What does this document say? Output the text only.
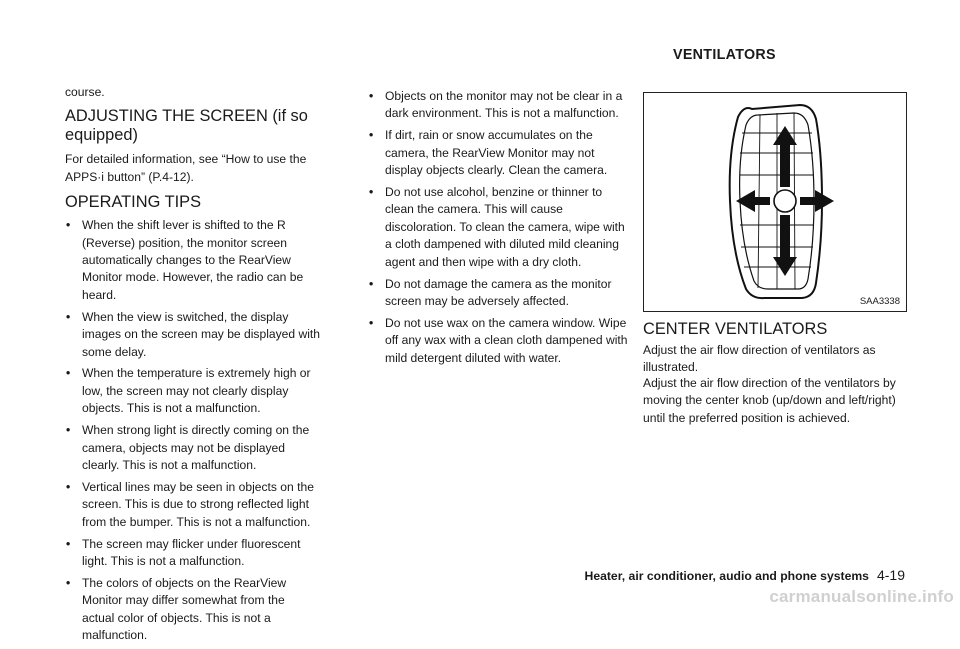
course.

ADJUSTING THE SCREEN (if so equipped)

For detailed information, see “How to use the APPS·i button” (P.4-12).

OPERATING TIPS
• When the shift lever is shifted to the R (Reverse) position, the monitor screen automatically changes to the RearView Monitor mode. However, the radio can be heard.
• When the view is switched, the display images on the screen may be displayed with some delay.
• When the temperature is extremely high or low, the screen may not clearly display objects. This is not a malfunction.
• When strong light is directly coming on the camera, objects may not be displayed clearly. This is not a malfunction.
• Vertical lines may be seen in objects on the screen. This is due to strong reflected light from the bumper. This is not a malfunction.
• The screen may flicker under fluorescent light. This is not a malfunction.
• The colors of objects on the RearView Monitor may differ somewhat from the actual color of objects. This is not a malfunction.
• Objects on the monitor may not be clear in a dark environment. This is not a malfunction.
• If dirt, rain or snow accumulates on the camera, the RearView Monitor may not display objects clearly. Clean the camera.
• Do not use alcohol, benzine or thinner to clean the camera. This will cause discoloration. To clean the camera, wipe with a cloth dampened with diluted mild cleaning agent and then wipe with a dry cloth.
• Do not damage the camera as the monitor screen may be adversely affected.
• Do not use wax on the camera window. Wipe off any wax with a clean cloth dampened with mild detergent diluted with water.
VENTILATORS
SAA3338
CENTER VENTILATORS

Adjust the air flow direction of ventilators as illustrated.

Adjust the air flow direction of the ventilators by moving the center knob (up/down and left/right) until the preferred position is achieved.

Heater, air conditioner, audio and phone systems 4-19
carmanualsonline.info
